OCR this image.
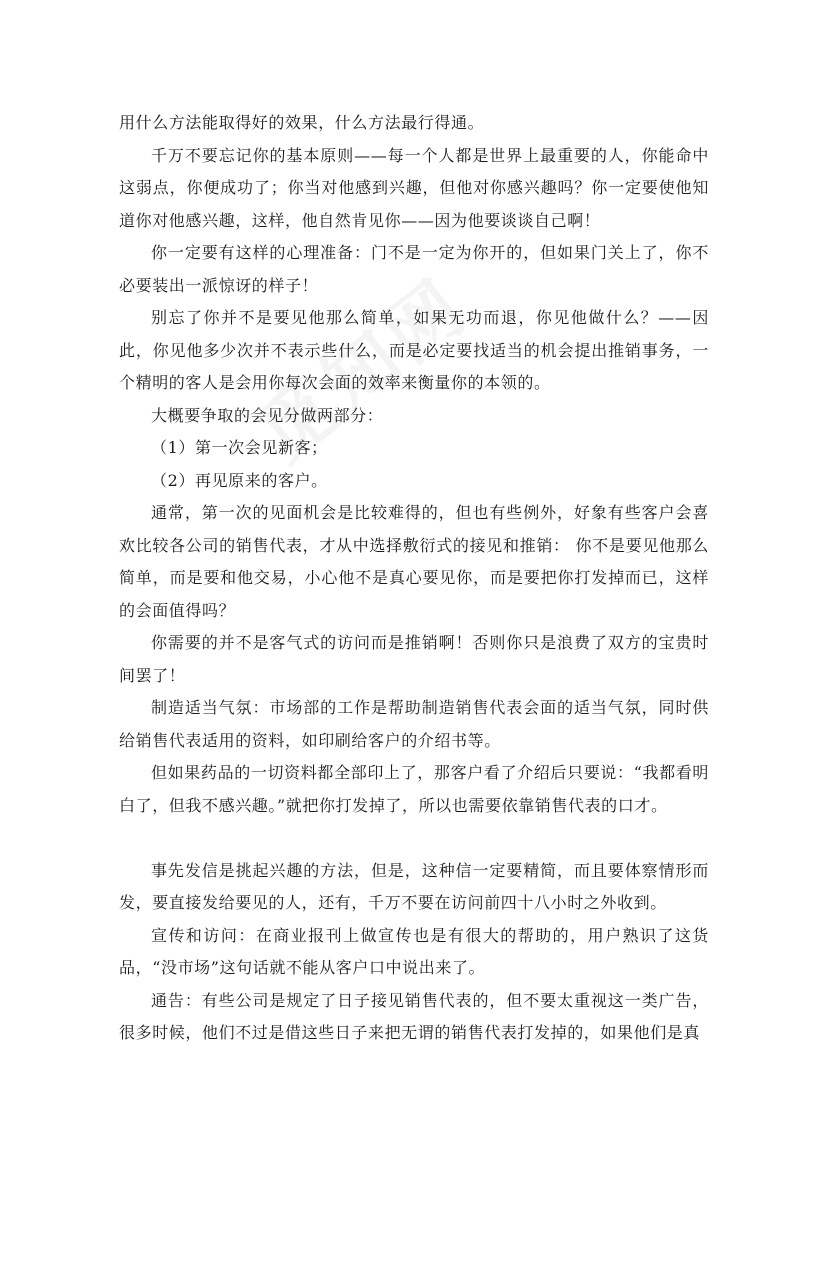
用什么方法能取得好的效果，什么方法最行得通。

千万不要忘记你的基本原则——每一个人都是世界上最重要的人，你能命中这弱点，你便成功了；你当对他感到兴趣，但他对你感兴趣吗？你一定要使他知道你对他感兴趣，这样，他自然肯见你——因为他要谈谈自己啊！

你一定要有这样的心理准备：门不是一定为你开的，但如果门关上了，你不必要装出一派惊讶的样子！

别忘了你并不是要见他那么简单，如果无功而退，你见他做什么？——因此，你见他多少次并不表示些什么，而是必定要找适当的机会提出推销事务，一个精明的客人是会用你每次会面的效率来衡量你的本领的。

大概要争取的会见分做两部分：

（1）第一次会见新客；

（2）再见原来的客户。

通常，第一次的见面机会是比较难得的，但也有些例外，好象有些客户会喜欢比较各公司的销售代表，才从中选择敷衍式的接见和推销： 你不是要见他那么简单，而是要和他交易，小心他不是真心要见你，而是要把你打发掉而已，这样的会面值得吗？

你需要的并不是客气式的访问而是推销啊！否则你只是浪费了双方的宝贵时间罢了！

制造适当气氛：市场部的工作是帮助制造销售代表会面的适当气氛，同时供给销售代表适用的资料，如印刷给客户的介绍书等。

但如果药品的一切资料都全部印上了，那客户看了介绍后只要说：“我都看明白了，但我不感兴趣。”就把你打发掉了，所以也需要依靠销售代表的口才。

事先发信是挑起兴趣的方法，但是，这种信一定要精简，而且要体察情形而发，要直接发给要见的人，还有，千万不要在访问前四十八小时之外收到。

宣传和访问：在商业报刊上做宣传也是有很大的帮助的，用户熟识了这货品，“没市场”这句话就不能从客户口中说出来了。

通告：有些公司是规定了日子接见销售代表的，但不要太重视这一类广告，很多时候，他们不过是借这些日子来把无谓的销售代表打发掉的，如果他们是真
